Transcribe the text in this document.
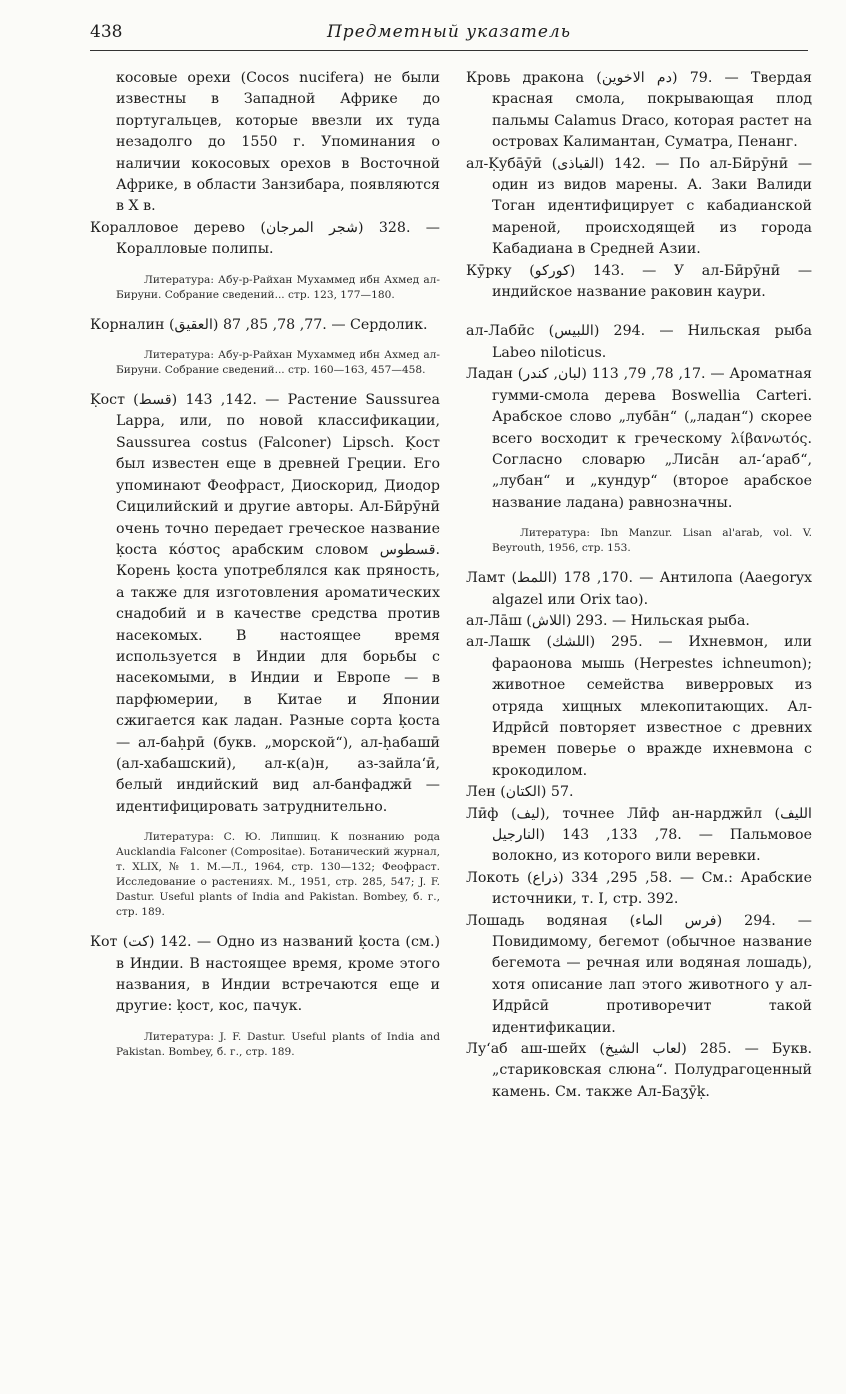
438	Предметный указатель

косовые орехи (Cocos nucifera) не были известны в Западной Африке до португальцев, которые ввезли их туда незадолго до 1550 г. Упоминания о наличии кокосовых орехов в Восточной Африке, в области Занзибара, появляются в X в.

Коралловое дерево (شجر المرجان) 328. — Коралловые полипы.

Литература: Абу-р-Райхан Мухаммед ибн Ахмед ал-Бируни. Собрание сведений... стр. 123, 177—180.

Корналин (العقيق) 77, 78, 85, 87. — Сердолик.

Литература: Абу-р-Райхан Мухаммед ибн Ахмед ал-Бируни. Собрание сведений... стр. 160—163, 457—458.

Ḳост (قسط) 142, 143. — Растение Saussurea Lappa, или, по новой классификации, Saussurea costus (Falconer) Lipsch. Ḳост был известен еще в древней Греции. Его упоминают Феофраст, Диоскорид, Диодор Сицилийский и другие авторы. Ал-Бӣрӯнӣ очень точно передает греческое название ḳоста κόστος арабским словом قسطوس. Корень ḳоста употреблялся как пряность, а также для изготовления ароматических снадобий и в качестве средства против насекомых. В настоящее время используется в Индии для борьбы с насекомыми, в Индии и Европе — в парфюмерии, в Китае и Японии сжигается как ладан. Разные сорта ḳоста — ал-баḥрӣ (букв. „морской“), ал-ḥабашӣ (ал-хабашский), ал-к(а)н, аз-зайла‘ӣ, белый индийский вид ал-банфаджӣ — идентифицировать затруднительно.

Литература: С. Ю. Липшиц. К познанию рода Aucklandia Falconer (Compositae). Ботанический журнал, т. XLIX, № 1. М.—Л., 1964, стр. 130—132; Феофраст. Исследование о растениях. М., 1951, стр. 285, 547; J. F. Dastur. Useful plants of India and Pakistan. Bombey, б. г., стр. 189.

Кот (كت) 142. — Одно из названий ḳоста (см.) в Индии. В настоящее время, кроме этого названия, в Индии встречаются еще и другие: ḳост, кос, пачук.

Литература: J. F. Dastur. Useful plants of India and Pakistan. Bombey, б. г., стр. 189.

Кровь дракона (دم الاخوين) 79. — Твердая красная смола, покрывающая плод пальмы Calamus Draco, которая растет на островах Калимантан, Суматра, Пенанг.

ал-Ḳубāӯӣ (القباذى) 142. — По ал-Бӣрӯнӣ — один из видов марены. А. Заки Валиди Тоган идентифицирует с кабадианской мареной, происходящей из города Кабадиана в Средней Азии.

Кӯрку (كوركو) 143. — У ал-Бӣрӯнӣ — индийское название раковин каури.

ал-Лабӣс (اللبيس) 294. — Нильская рыба Labeo niloticus.

Ладан (لبان, كندر) 17, 78, 79, 113. — Ароматная гумми-смола дерева Boswellia Carteri. Арабское слово „лубāн“ („ладан“) скорее всего восходит к греческому λίβανωτός. Согласно словарю „Лисāн ал-‘араб“, „лубан“ и „кундур“ (второе арабское название ладана) равнозначны.

Литература: Ibn Manzur. Lisan al'arab, vol. V. Beyrouth, 1956, стр. 153.

Ламт (اللمط) 170, 178. — Антилопа (Aaegoryx algazel или Orix tao).

ал-Лāш (اللاش) 293. — Нильская рыба.

ал-Лашк (اللشك) 295. — Ихневмон, или фараонова мышь (Herpestes ichneumon); животное семейства виверровых из отряда хищных млекопитающих. Ал-Идрӣсӣ повторяет известное с древних времен поверье о вражде ихневмона с крокодилом.

Лен (الكتان) 57.

Лӣф (ليف), точнее Лӣф ан-нарджӣл (الليف النارجيل) 78, 133, 143. — Пальмовое волокно, из которого вили веревки.

Локоть (ذراع) 58, 295, 334. — См.: Арабские источники, т. I, стр. 392.

Лошадь водяная (فرس الماء) 294. — Повидимому, бегемот (обычное название бегемота — речная или водяная лошадь), хотя описание лап этого животного у ал-Идрӣсӣ противоречит такой идентификации.

Лу‘аб аш-шейх (لعاب الشيخ) 285. — Букв. „стариковская слюна“. Полудрагоценный камень. См. также Ал-Баӡӯḳ.
